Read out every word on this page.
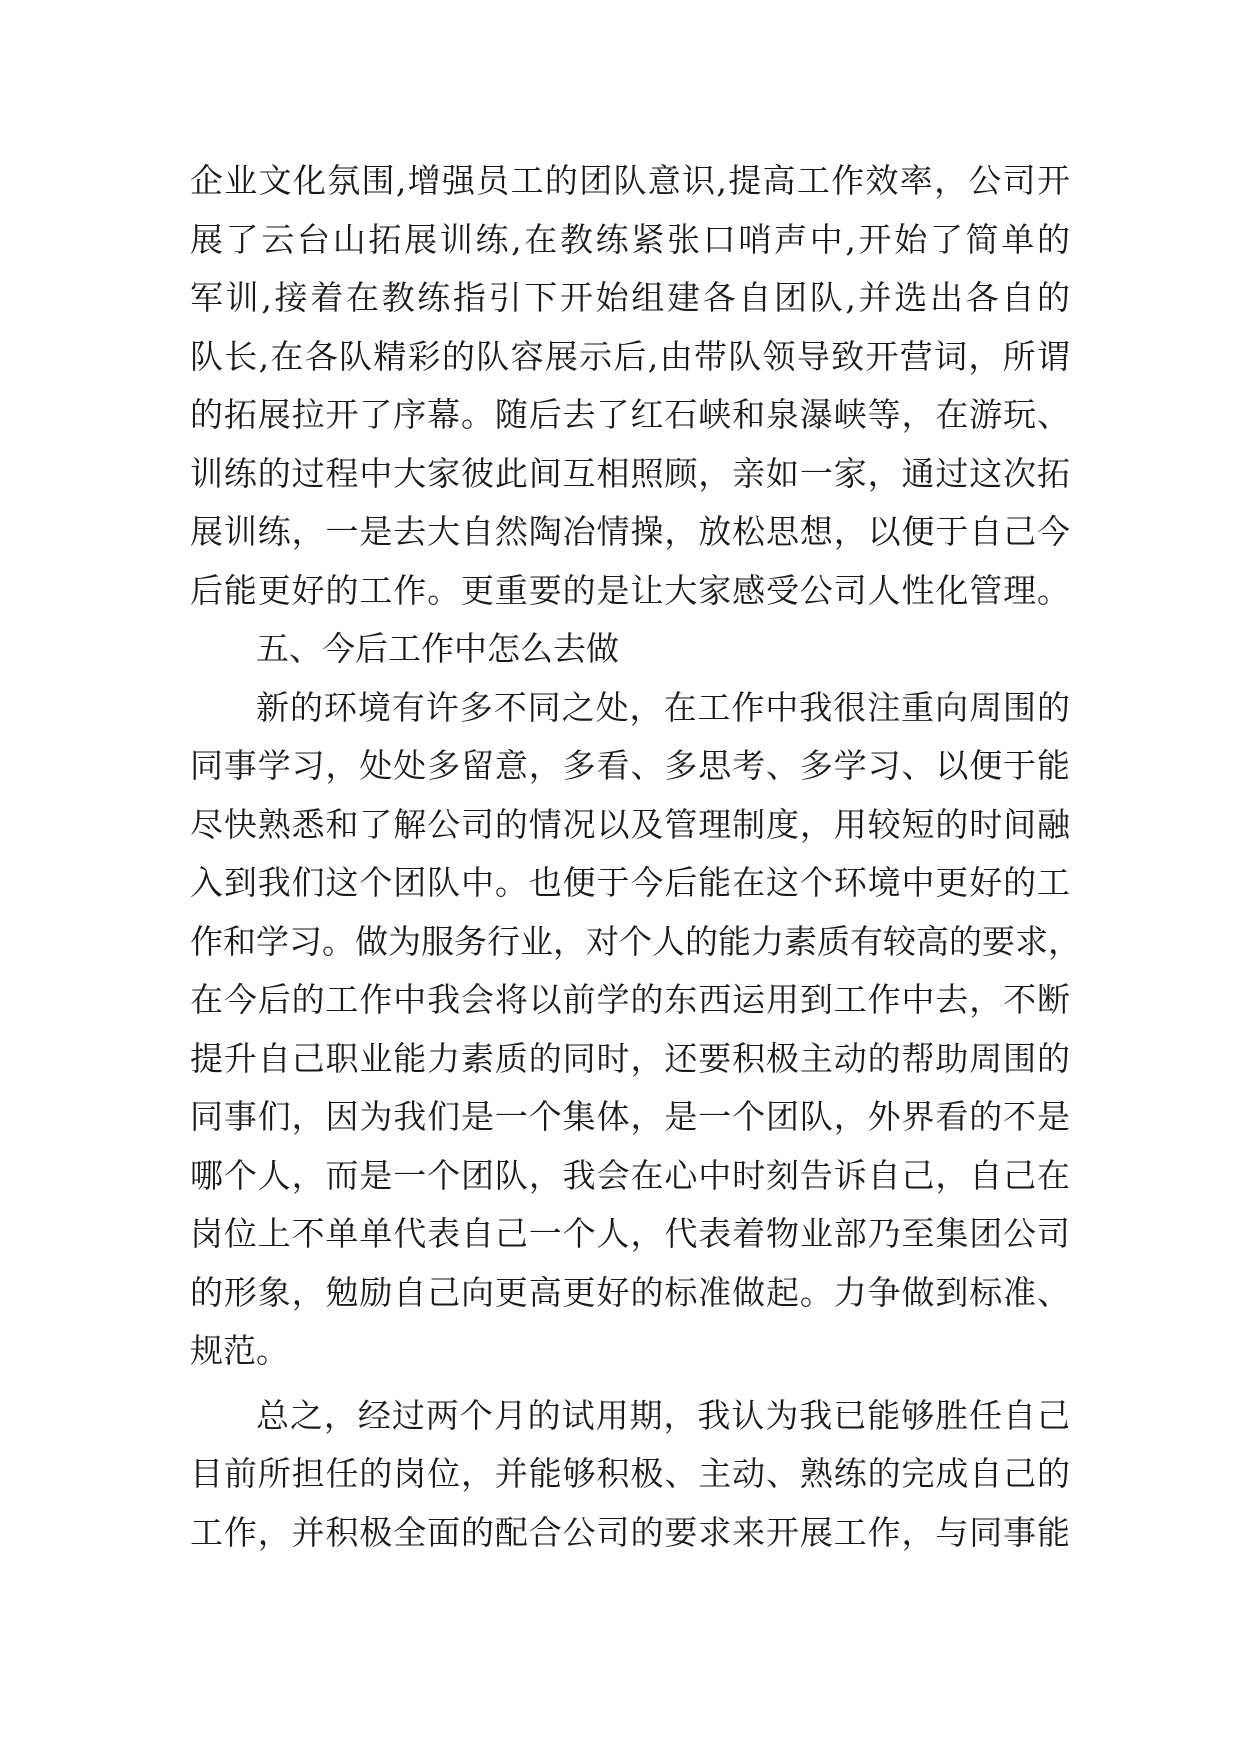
企业文化氛围,增强员工的团队意识,提高工作效率，公司开
展了云台山拓展训练,在教练紧张口哨声中,开始了简单的
军训,接着在教练指引下开始组建各自团队,并选出各自的
队长,在各队精彩的队容展示后,由带队领导致开营词，所谓
的拓展拉开了序幕。随后去了红石峡和泉瀑峡等，在游玩、
训练的过程中大家彼此间互相照顾，亲如一家，通过这次拓
展训练，一是去大自然陶冶情操，放松思想，以便于自己今
后能更好的工作。更重要的是让大家感受公司人性化管理。
五、今后工作中怎么去做
新的环境有许多不同之处，在工作中我很注重向周围的
同事学习，处处多留意，多看、多思考、多学习、以便于能
尽快熟悉和了解公司的情况以及管理制度，用较短的时间融
入到我们这个团队中。也便于今后能在这个环境中更好的工
作和学习。做为服务行业，对个人的能力素质有较高的要求，
在今后的工作中我会将以前学的东西运用到工作中去，不断
提升自己职业能力素质的同时，还要积极主动的帮助周围的
同事们，因为我们是一个集体，是一个团队，外界看的不是
哪个人，而是一个团队，我会在心中时刻告诉自己，自己在
岗位上不单单代表自己一个人，代表着物业部乃至集团公司
的形象，勉励自己向更高更好的标准做起。力争做到标准、
规范。
总之，经过两个月的试用期，我认为我已能够胜任自己
目前所担任的岗位，并能够积极、主动、熟练的完成自己的
工作，并积极全面的配合公司的要求来开展工作，与同事能
